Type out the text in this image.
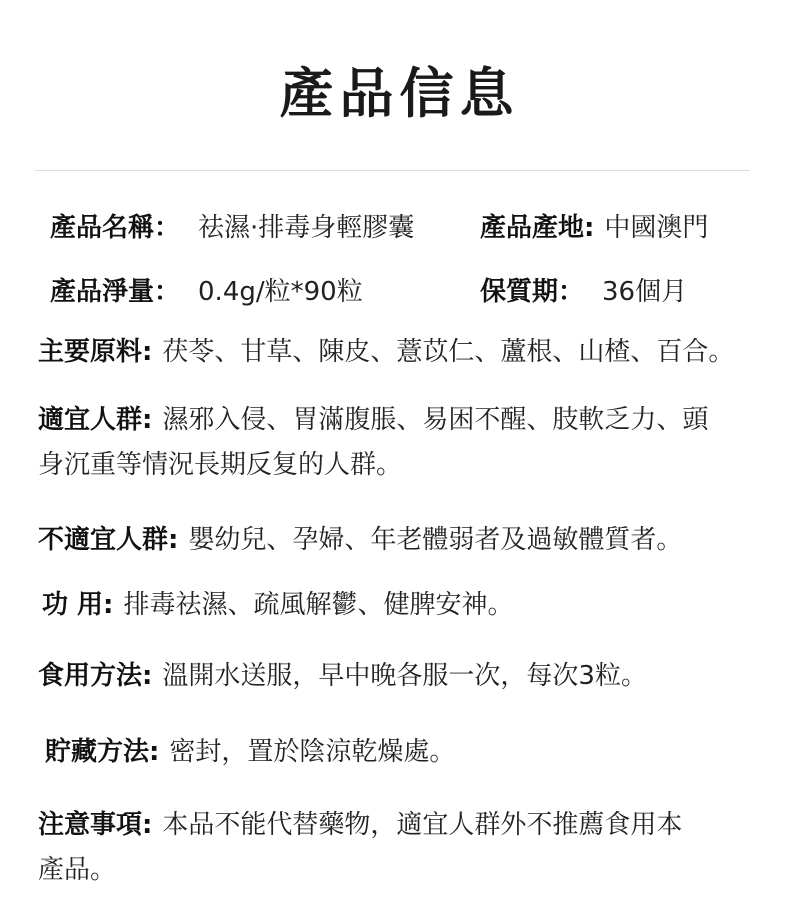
產品信息
產品名稱： 祛濕·排毒身輕膠囊	產品產地: 中國澳門
產品淨量： 0.4g/粒*90粒	保質期： 36個月
主要原料: 茯苓、甘草、陳皮、薏苡仁、蘆根、山楂、百合。
適宜人群: 濕邪入侵、胃滿腹脹、易困不醒、肢軟乏力、頭
身沉重等情況長期反复的人群。
不適宜人群: 嬰幼兒、孕婦、年老體弱者及過敏體質者。
功 用: 排毒祛濕、疏風解鬱、健脾安神。
食用方法: 溫開水送服，早中晚各服一次，每次3粒。
貯藏方法: 密封，置於陰涼乾燥處。
注意事項: 本品不能代替藥物，適宜人群外不推薦食用本
產品。
